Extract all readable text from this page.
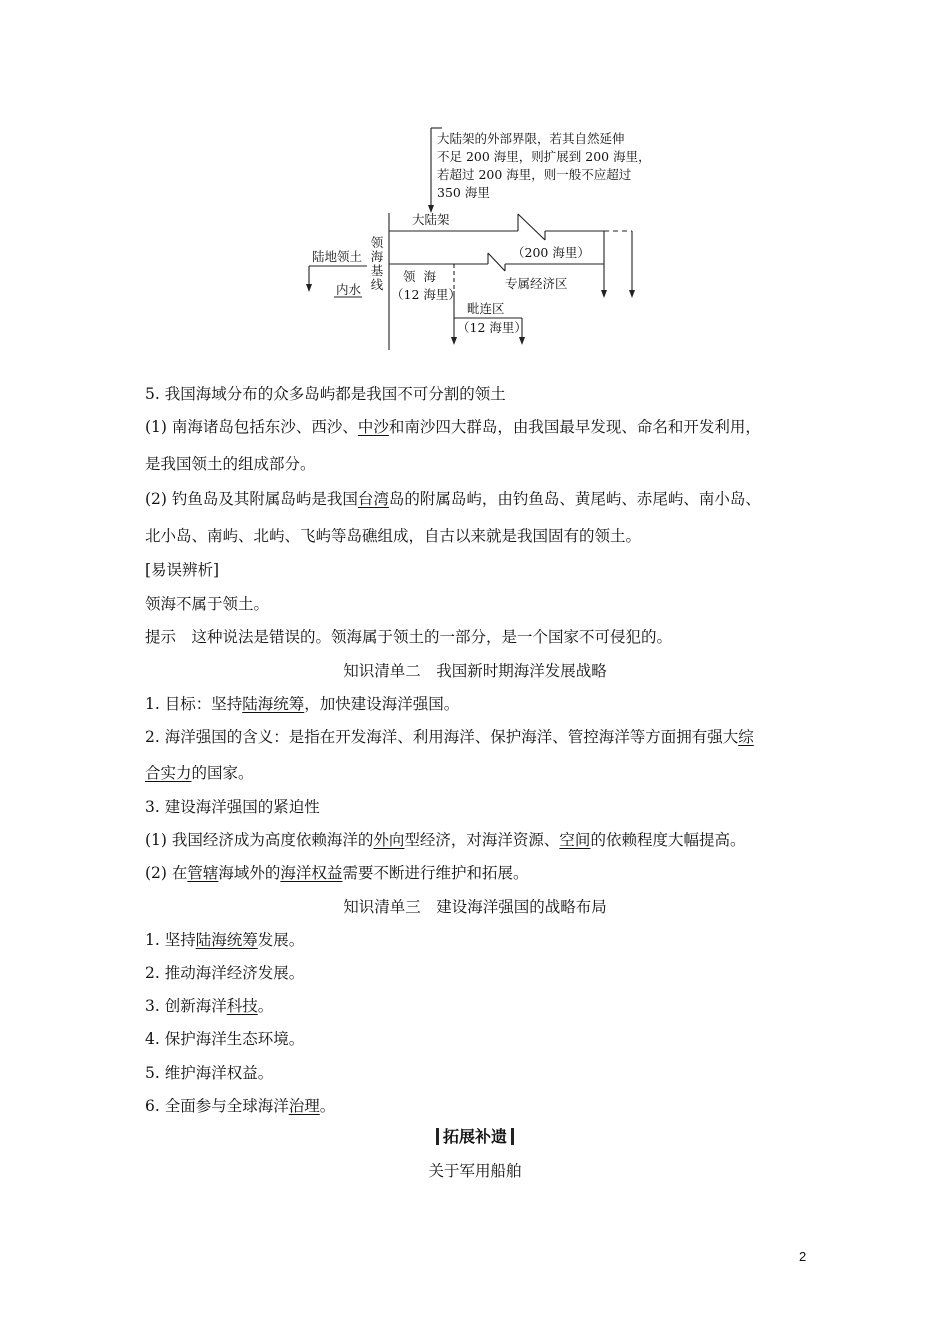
大陆架的外部界限，若其自然延伸
不足 200 海里，则扩展到 200 海里，
若超过 200 海里，则一般不应超过
350 海里
大陆架
（200 海里）
专属经济区
陆地领土
领
海
基
线
领  海
（12 海里）
内水
毗连区
（12 海里）
5. 我国海域分布的众多岛屿都是我国不可分割的领土
(1) 南海诸岛包括东沙、西沙、中沙和南沙四大群岛，由我国最早发现、命名和开发利用，
是我国领土的组成部分。
(2) 钓鱼岛及其附属岛屿是我国台湾岛的附属岛屿，由钓鱼岛、黄尾屿、赤尾屿、南小岛、
北小岛、南屿、北屿、飞屿等岛礁组成，自古以来就是我国固有的领土。
[易误辨析]
领海不属于领土。
提示　这种说法是错误的。领海属于领土的一部分，是一个国家不可侵犯的。
知识清单二　我国新时期海洋发展战略
1. 目标：坚持陆海统筹，加快建设海洋强国。
2. 海洋强国的含义：是指在开发海洋、利用海洋、保护海洋、管控海洋等方面拥有强大综
合实力的国家。
3. 建设海洋强国的紧迫性
(1) 我国经济成为高度依赖海洋的外向型经济，对海洋资源、空间的依赖程度大幅提高。
(2) 在管辖海域外的海洋权益需要不断进行维护和拓展。
知识清单三　建设海洋强国的战略布局
1. 坚持陆海统筹发展。
2. 推动海洋经济发展。
3. 创新海洋科技。
4. 保护海洋生态环境。
5. 维护海洋权益。
6. 全面参与全球海洋治理。
拓展补遗
关于军用船舶
2
